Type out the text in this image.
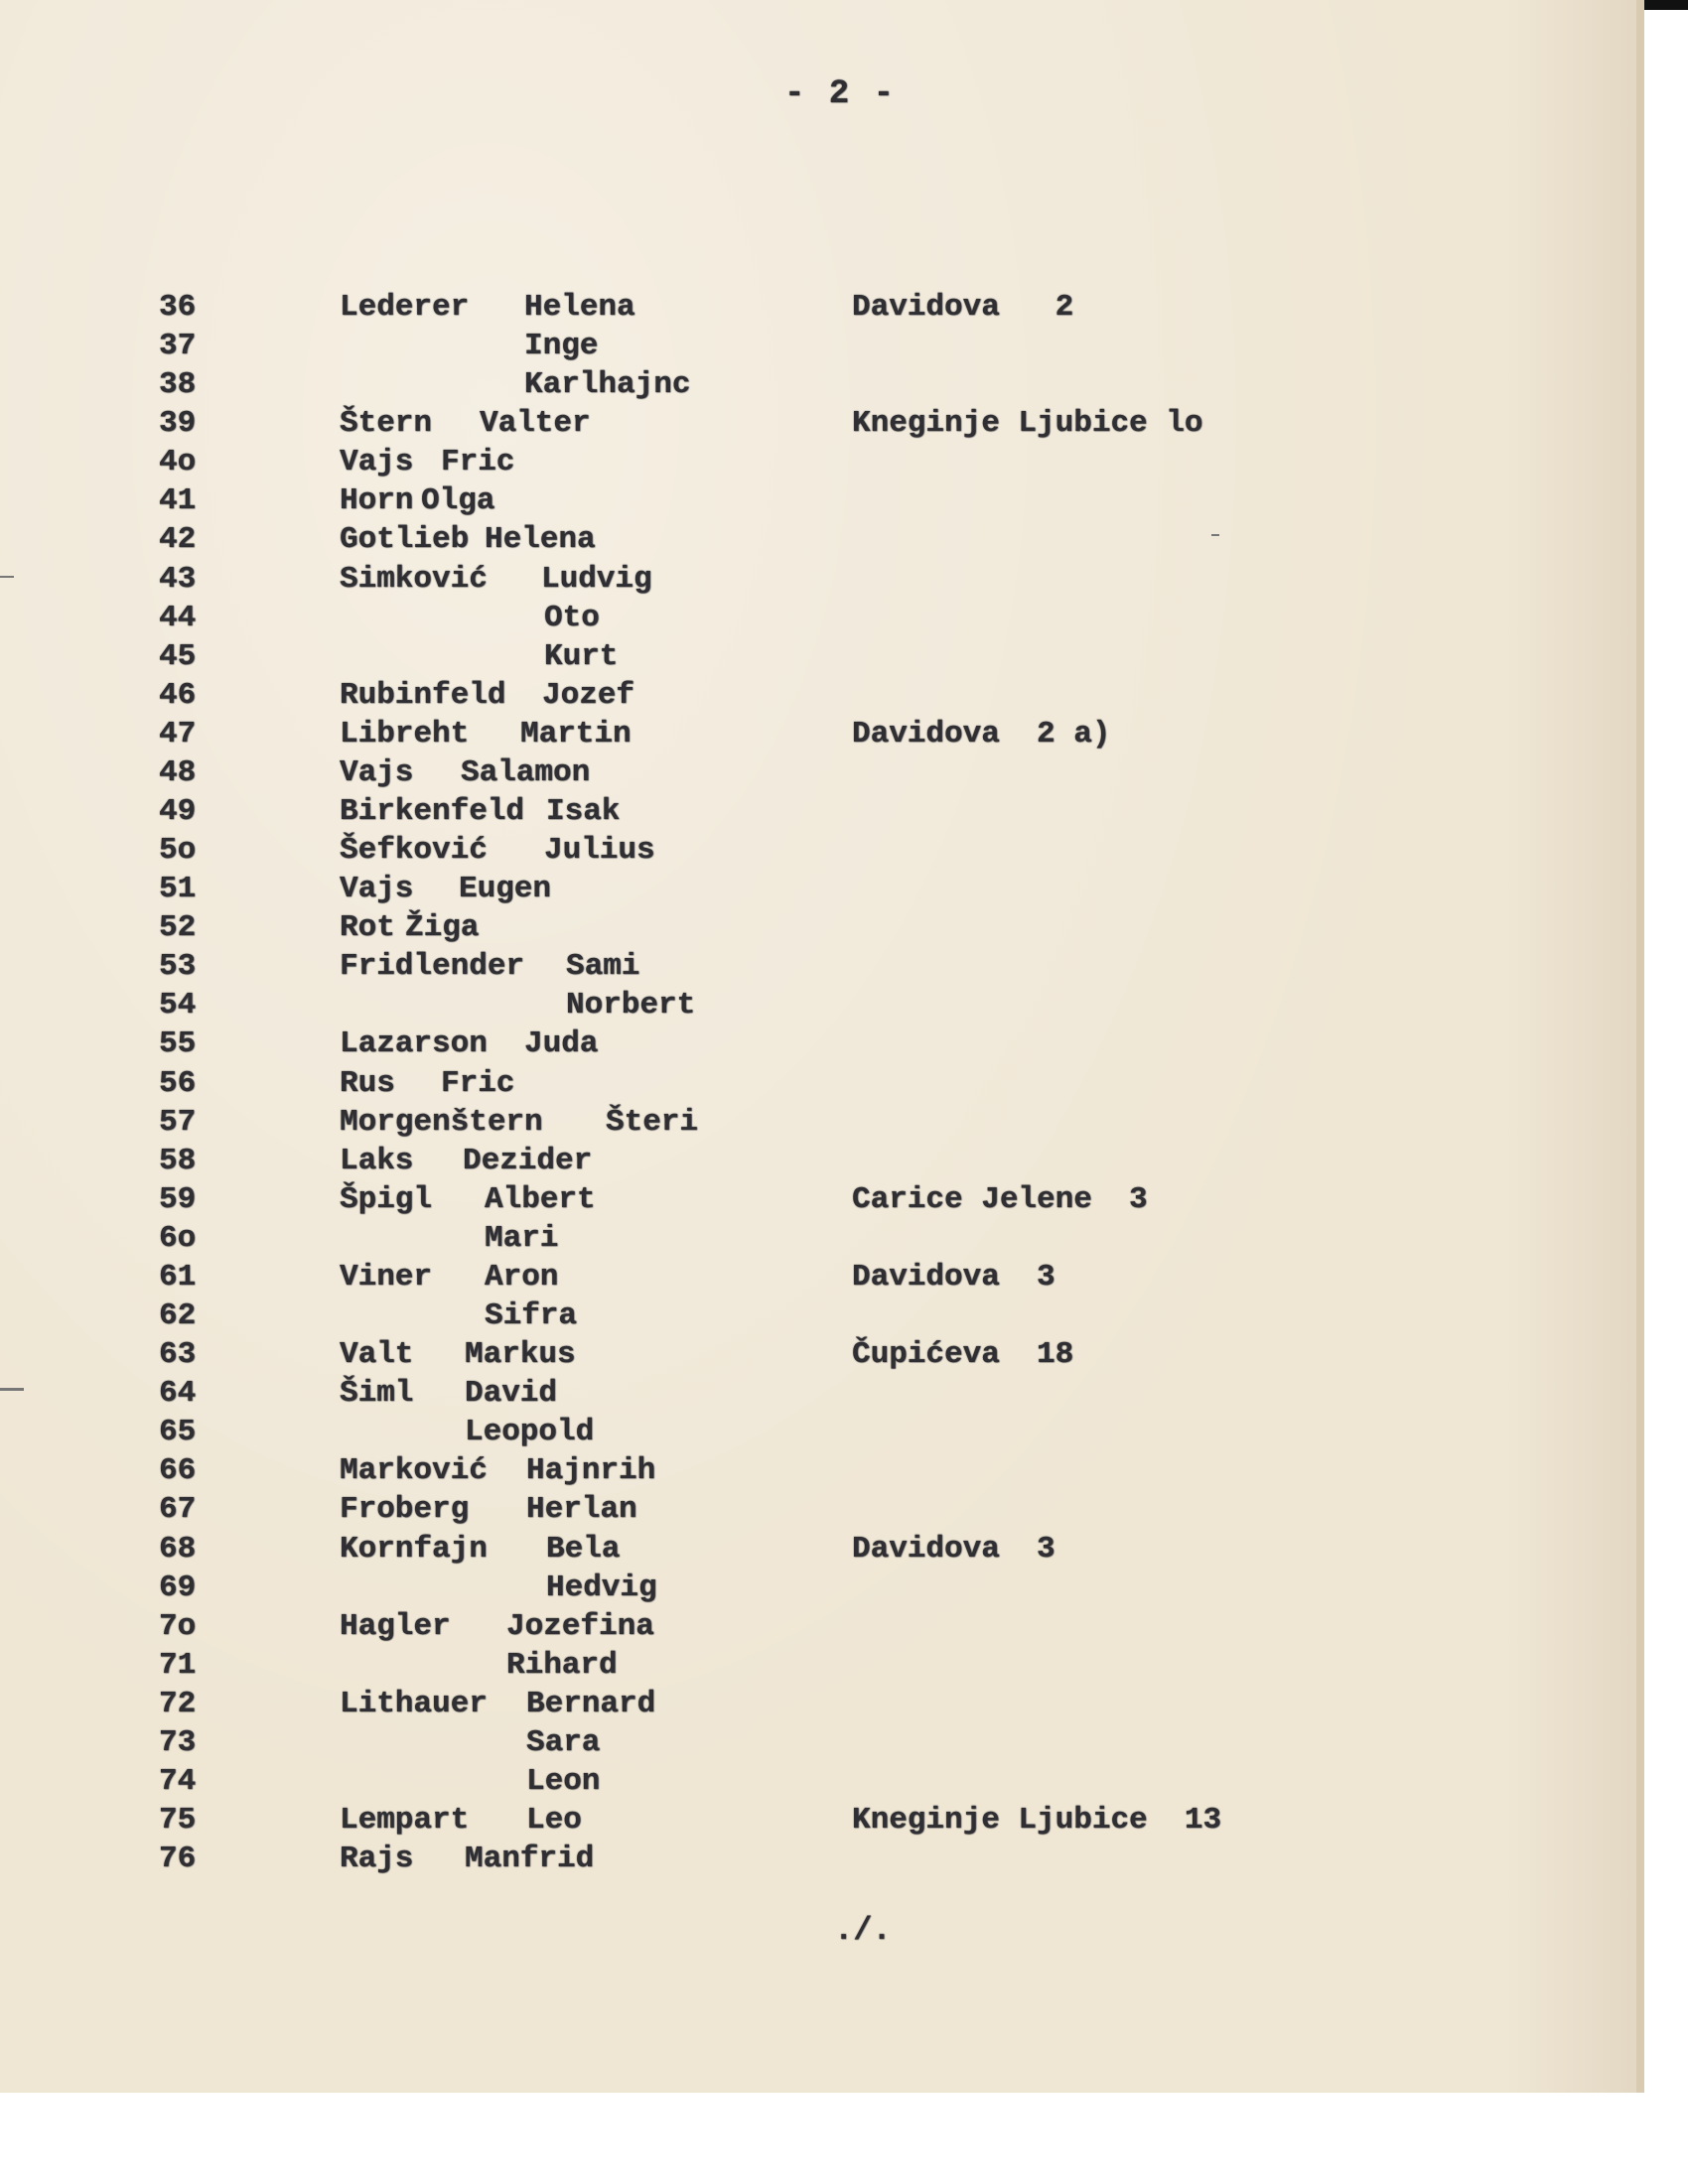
- 2 -
36	Lederer Helena	Davidova   2
37	Inge
38	Karlhajnc
39	Štern Valter	Kneginje Ljubice lo
4o	Vajs Fric
41	Horn Olga
42	Gotlieb Helena
43	Simković Ludvig
44	Oto
45	Kurt
46	Rubinfeld Jozef
47	Libreht Martin	Davidova  2 a)
48	Vajs Salamon
49	Birkenfeld Isak
5o	Šefković Julius
51	Vajs Eugen
52	Rot Žiga
53	Fridlender Sami
54	Norbert
55	Lazarson Juda
56	Rus Fric
57	Morgenštern Šteri
58	Laks Dezider
59	Špigl Albert	Carice Jelene  3
6o	Mari
61	Viner Aron	Davidova  3
62	Sifra
63	Valt Markus	Čupićeva  18
64	Šiml David
65	Leopold
66	Marković Hajnrih
67	Froberg Herlan
68	Kornfajn Bela	Davidova  3
69	Hedvig
7o	Hagler Jozefina
71	Rihard
72	Lithauer Bernard
73	Sara
74	Leon
75	Lempart Leo	Kneginje Ljubice  13
76	Rajs Manfrid
./.
